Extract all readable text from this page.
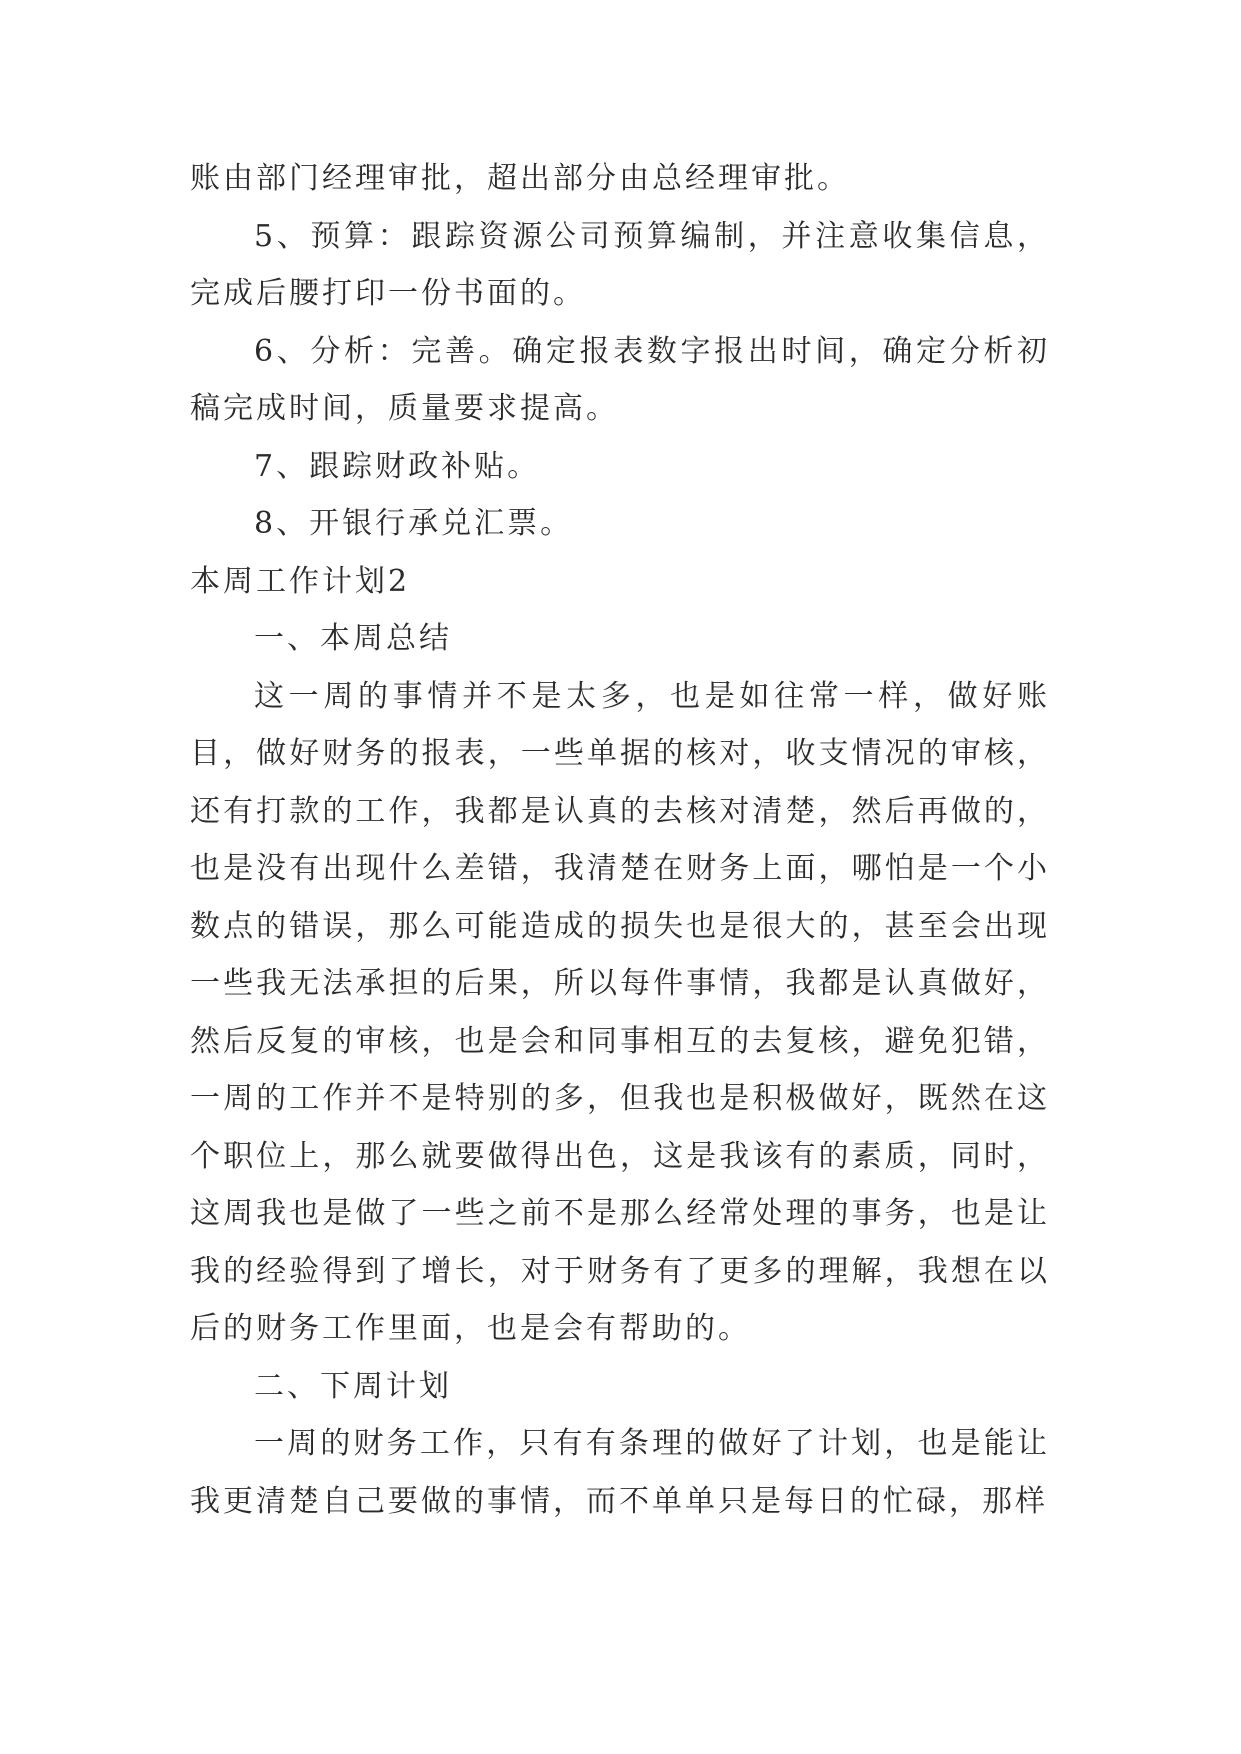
账由部门经理审批，超出部分由总经理审批。

5、预算：跟踪资源公司预算编制，并注意收集信息，完成后腰打印一份书面的。

6、分析：完善。确定报表数字报出时间，确定分析初稿完成时间，质量要求提高。

7、跟踪财政补贴。

8、开银行承兑汇票。

本周工作计划2

一、本周总结

这一周的事情并不是太多，也是如往常一样，做好账目，做好财务的报表，一些单据的核对，收支情况的审核，还有打款的工作，我都是认真的去核对清楚，然后再做的，也是没有出现什么差错，我清楚在财务上面，哪怕是一个小数点的错误，那么可能造成的损失也是很大的，甚至会出现一些我无法承担的后果，所以每件事情，我都是认真做好，然后反复的审核，也是会和同事相互的去复核，避免犯错，一周的工作并不是特别的多，但我也是积极做好，既然在这个职位上，那么就要做得出色，这是我该有的素质，同时，这周我也是做了一些之前不是那么经常处理的事务，也是让我的经验得到了增长，对于财务有了更多的理解，我想在以后的财务工作里面，也是会有帮助的。

二、下周计划

一周的财务工作，只有有条理的做好了计划，也是能让我更清楚自己要做的事情，而不单单只是每日的忙碌，那样
